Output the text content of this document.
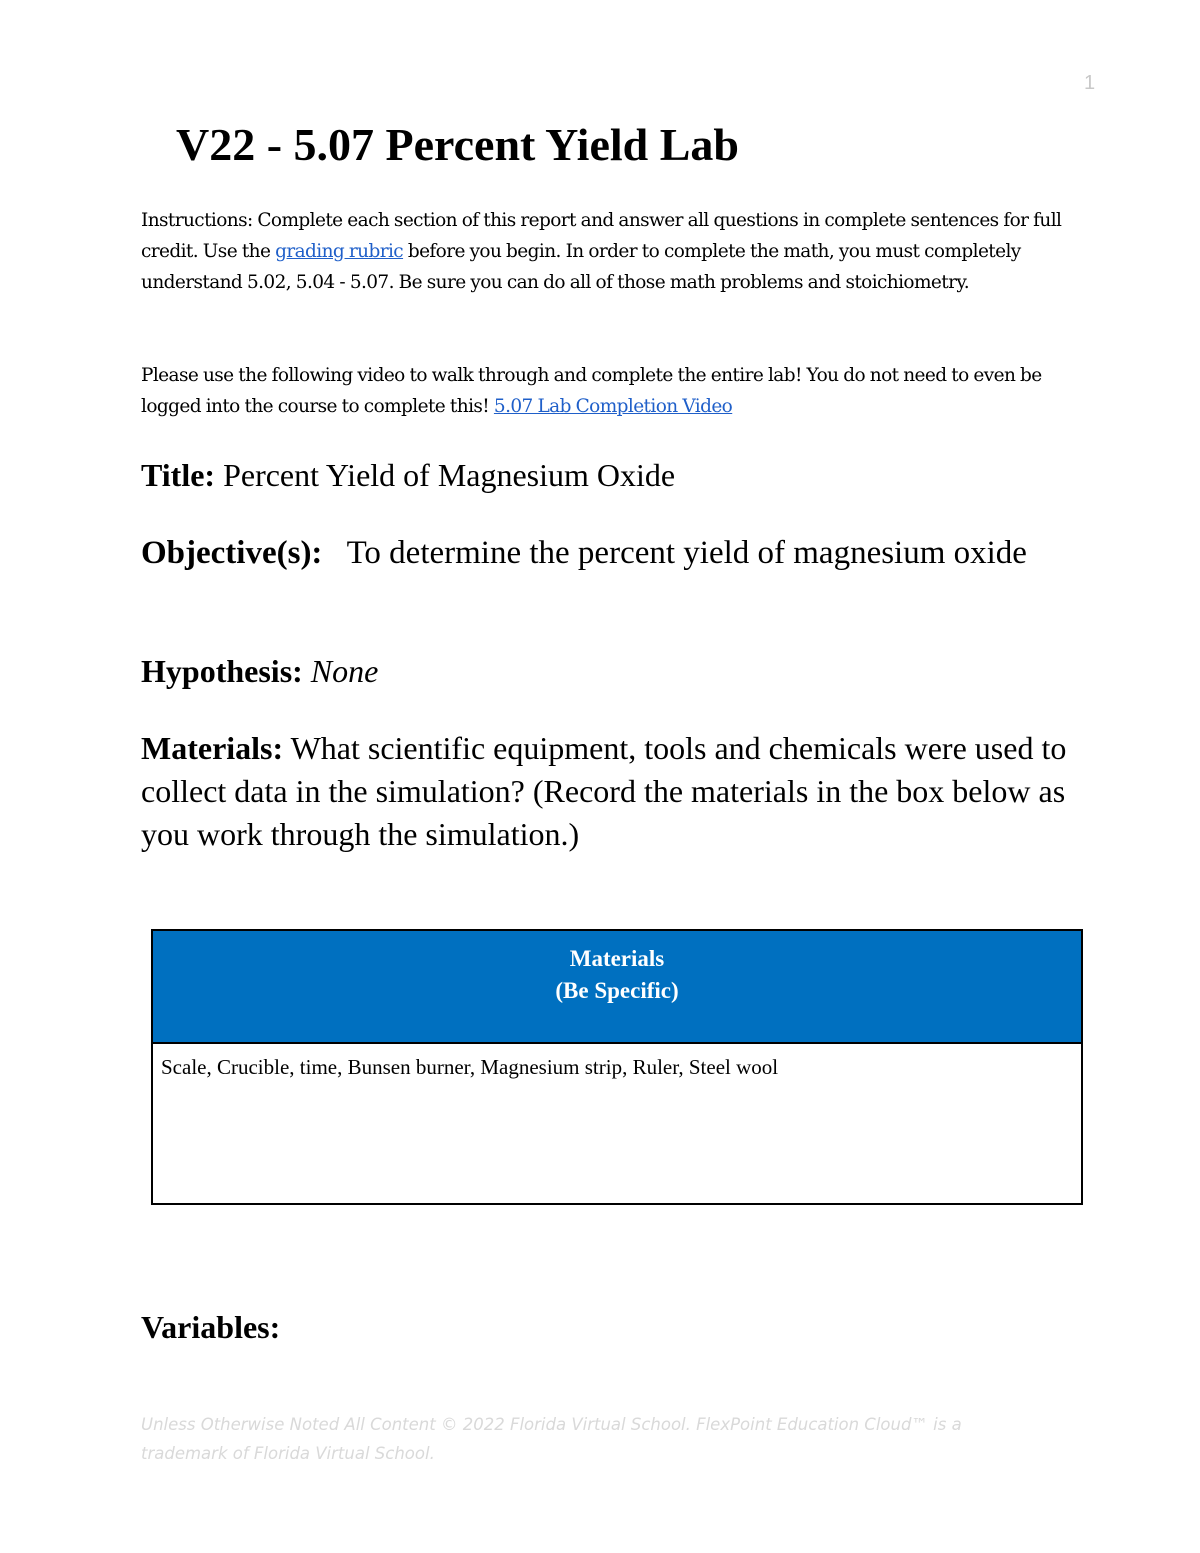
1
V22 - 5.07 Percent Yield Lab

Instructions: Complete each section of this report and answer all questions in complete sentences for full credit. Use the grading rubric before you begin. In order to complete the math, you must completely understand 5.02, 5.04 - 5.07. Be sure you can do all of those math problems and stoichiometry.

Please use the following video to walk through and complete the entire lab! You do not need to even be logged into the course to complete this! 5.07 Lab Completion Video

Title: Percent Yield of Magnesium Oxide

Objective(s):   To determine the percent yield of magnesium oxide

Hypothesis: None

Materials: What scientific equipment, tools and chemicals were used to collect data in the simulation? (Record the materials in the box below as you work through the simulation.)

Materials
(Be Specific)
Scale, Crucible, time, Bunsen burner, Magnesium strip, Ruler, Steel wool

Variables:

Unless Otherwise Noted All Content © 2022 Florida Virtual School. FlexPoint Education Cloud™ is a trademark of Florida Virtual School.
